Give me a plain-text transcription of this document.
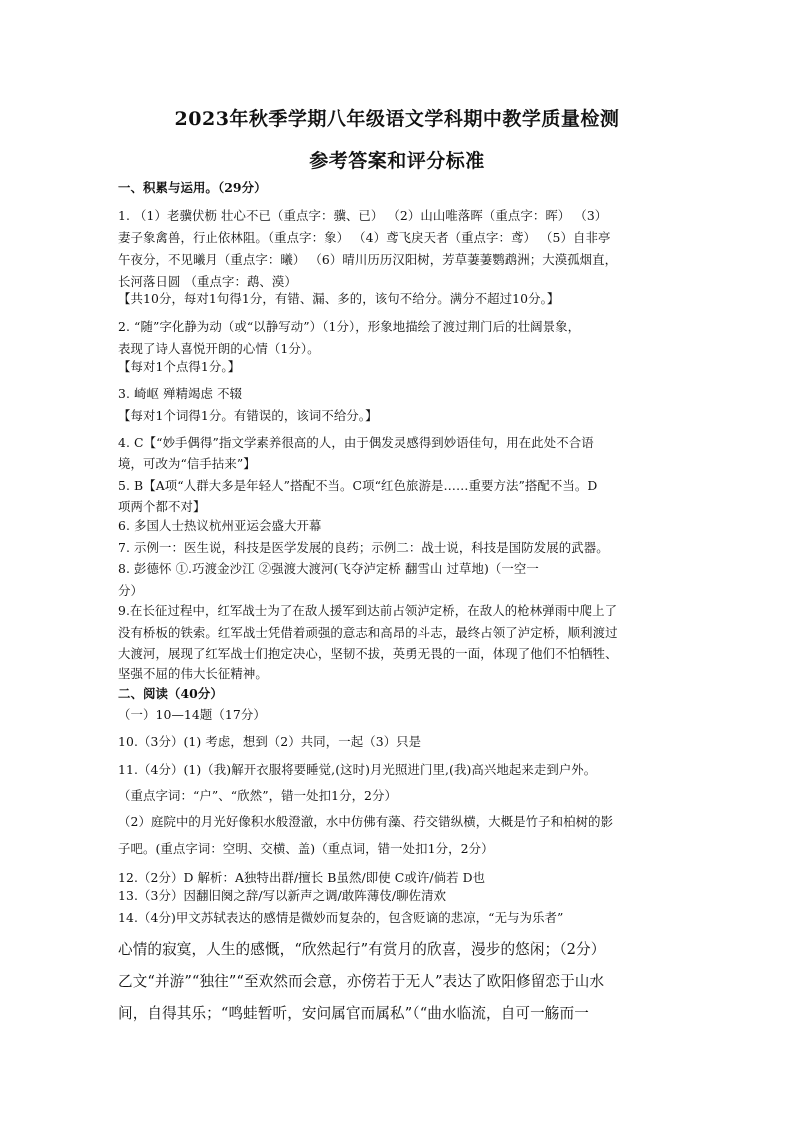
2023年秋季学期八年级语文学科期中教学质量检测
参考答案和评分标准
一、积累与运用。（29分）
1. （1）老骥伏枥 壮心不已（重点字：骥、已） （2）山山唯落晖（重点字：晖） （3）
妻子象禽兽，行止依林阻。（重点字：象） （4）鸢飞戾天者（重点字：鸢） （5）自非亭
午夜分，不见曦月（重点字：曦） （6）晴川历历汉阳树，芳草萋萋鹦鹉洲；大漠孤烟直，
长河落日圆 （重点字：鹉、漠）
【共10分，每对1句得1分，有错、漏、多的，该句不给分。满分不超过10分。】
2. “随”字化静为动（或“以静写动”）（1分），形象地描绘了渡过荆门后的壮阔景象，
表现了诗人喜悦开朗的心情（1分）。
【每对1个点得1分。】
3. 崎岖 殚精竭虑 不辍
【每对1个词得1分。有错误的，该词不给分。】
4. C【“妙手偶得”指文学素养很高的人，由于偶发灵感得到妙语佳句，用在此处不合语
境，可改为“信手拈来”】
5. B【A项“人群大多是年轻人”搭配不当。C项“红色旅游是……重要方法”搭配不当。D
项两个都不对】
6. 多国人士热议杭州亚运会盛大开幕
7. 示例一：医生说，科技是医学发展的良药；示例二：战士说，科技是国防发展的武器。
8. 彭德怀 ①.巧渡金沙江 ②强渡大渡河(飞夺泸定桥 翻雪山 过草地)（一空一
分）
9.在长征过程中，红军战士为了在敌人援军到达前占领泸定桥，在敌人的枪林弹雨中爬上了
没有桥板的铁索。红军战士凭借着顽强的意志和高昂的斗志，最终占领了泸定桥，顺利渡过
大渡河，展现了红军战士们抱定决心，坚韧不拔，英勇无畏的一面，体现了他们不怕牺牲、
坚强不屈的伟大长征精神。
二、阅读（40分）
（一）10—14题（17分）
10.（3分）(1) 考虑，想到（2）共同，一起（3）只是
11.（4分）(1)（我)解开衣服将要睡觉,(这时)月光照进门里,(我)高兴地起来走到户外。
（重点字词：“户”、“欣然”，错一处扣1分，2分）
（2）庭院中的月光好像积水般澄澈，水中仿佛有藻、荇交错纵横，大概是竹子和柏树的影
子吧。(重点字词：空明、交横、盖)（重点词，错一处扣1分，2分）
12.（2分）D 解析：A独特出群/擅长 B虽然/即使 C或许/倘若 D也
13.（3分）因翻旧阕之辞/写以新声之调/敢阵薄伎/聊佐清欢
14.（4分)甲文苏轼表达的感情是微妙而复杂的，包含贬谪的悲凉，“无与为乐者”
心情的寂寞，人生的感慨，“欣然起行”有赏月的欣喜，漫步的悠闲；（2分）
乙文“并游”“独往”“至欢然而会意，亦傍若于无人”表达了欧阳修留恋于山水
间，自得其乐；“鸣蛙暂听，安问属官而属私”（“曲水临流，自可一觞而一
